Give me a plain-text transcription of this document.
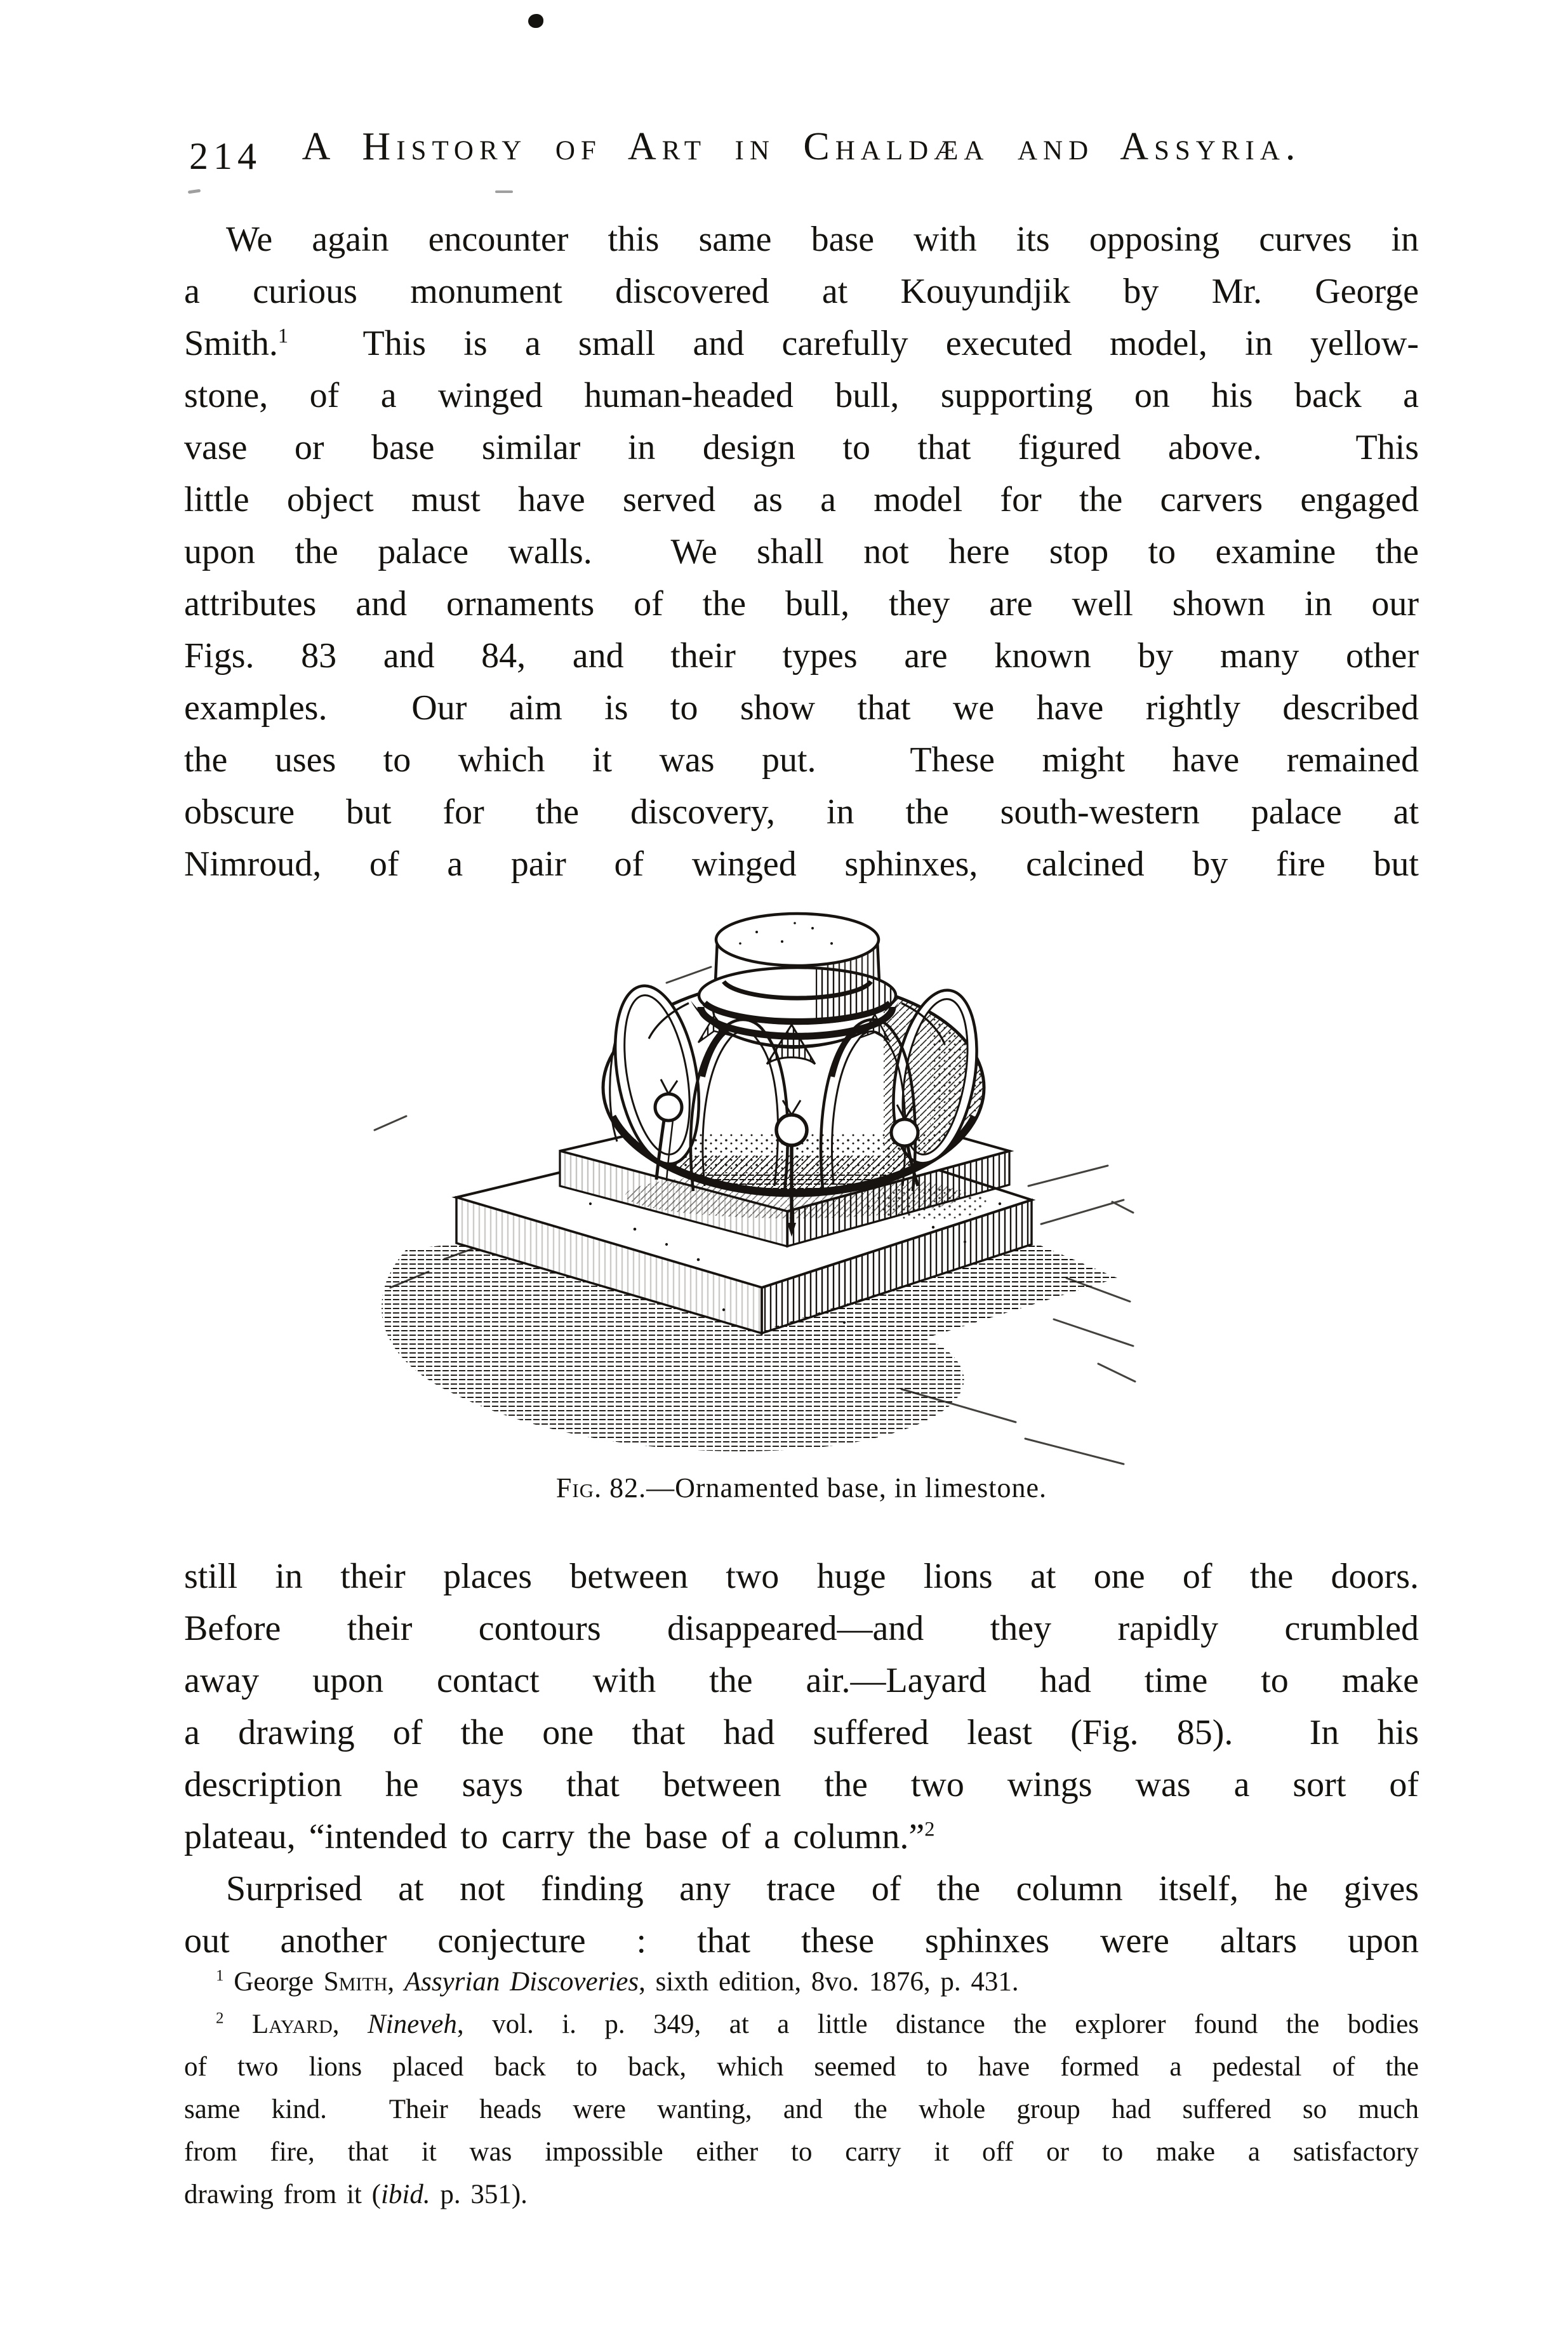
214	A History of Art in Chaldæa and Assyria.
We again encounter this same base with its opposing curves in
a curious monument discovered at Kouyundjik by Mr. George
Smith.$^1$  This is a small and carefully executed model, in yellow-
stone, of a winged human-headed bull, supporting on his back a
vase or base similar in design to that figured above.  This
little object must have served as a model for the carvers engaged
upon the palace walls.  We shall not here stop to examine the
attributes and ornaments of the bull, they are well shown in our
Figs. 83 and 84, and their types are known by many other
examples.  Our aim is to show that we have rightly described
the uses to which it was put.  These might have remained
obscure but for the discovery, in the south-western palace at
Nimroud, of a pair of winged sphinxes, calcined by fire but
Fig. 82.—Ornamented base, in limestone.
still in their places between two huge lions at one of the doors.
Before their contours disappeared—and they rapidly crumbled
away upon contact with the air.—Layard had time to make
a drawing of the one that had suffered least (Fig. 85).  In his
description he says that between the two wings was a sort of
plateau, “intended to carry the base of a column.”$^2$
Surprised at not finding any trace of the column itself, he gives
out another conjecture : that these sphinxes were altars upon
$^1$ George Smith, Assyrian Discoveries, sixth edition, 8vo. 1876, p. 431.
$^2$ Layard, Nineveh, vol. i. p. 349, at a little distance the explorer found the bodies
of two lions placed back to back, which seemed to have formed a pedestal of the
same kind.  Their heads were wanting, and the whole group had suffered so much
from fire, that it was impossible either to carry it off or to make a satisfactory
drawing from it (ibid. p. 351).
